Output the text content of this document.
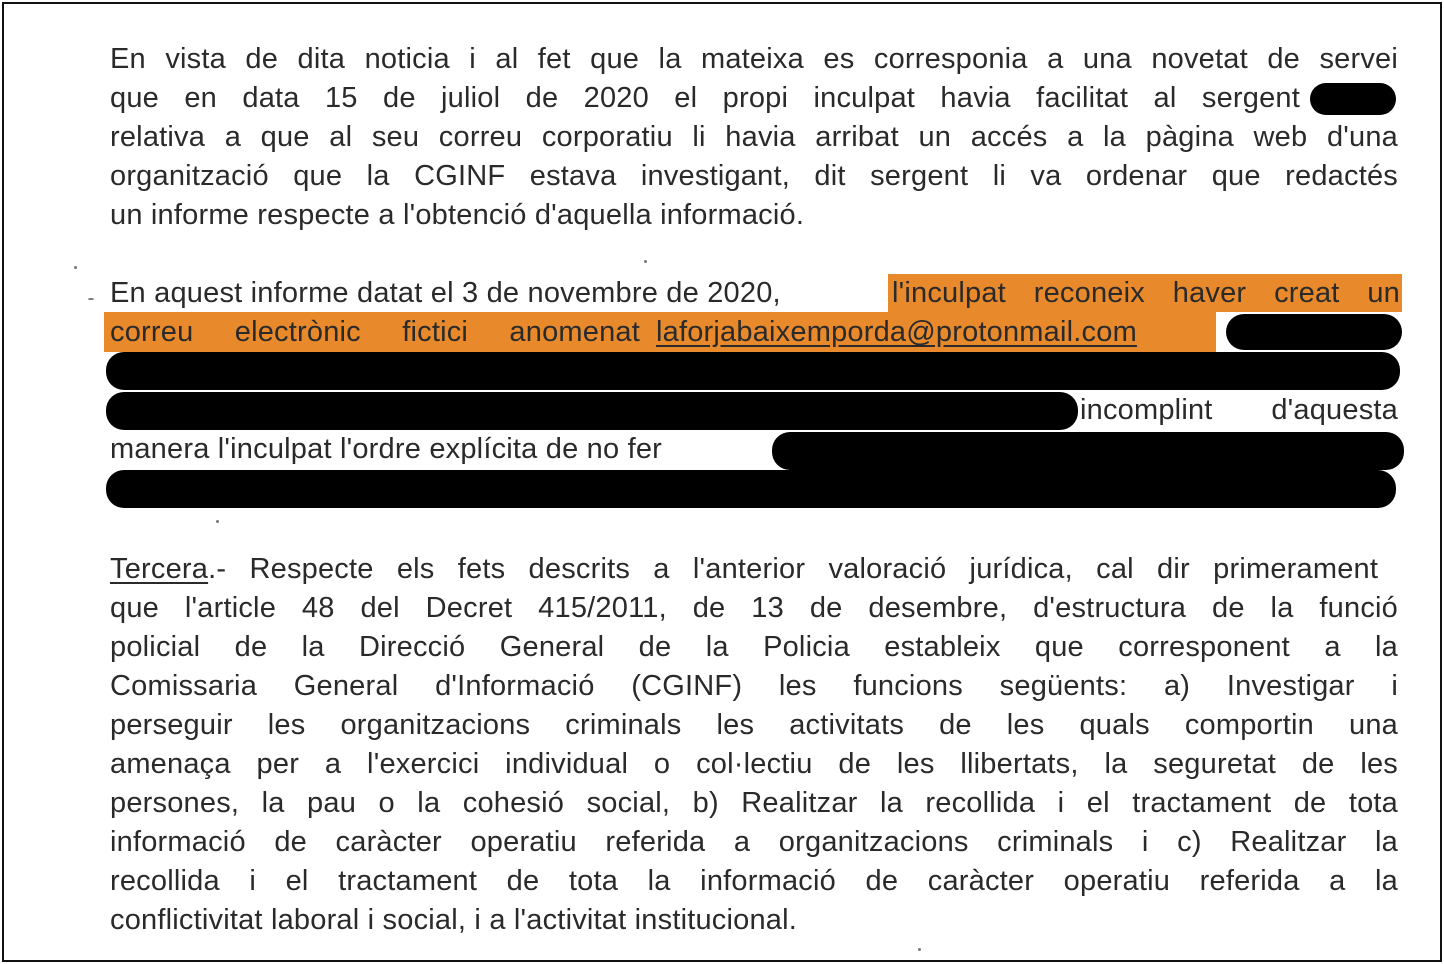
En vista de dita noticia i al fet que la mateixa es corresponia a una novetat de servei
que en data 15 de juliol de 2020 el propi inculpat havia facilitat al sergent
relativa a que al seu correu corporatiu li havia arribat un accés a la pàgina web d'una
organització que la CGINF estava investigant, dit sergent li va ordenar que redactés
un informe respecte a l'obtenció d'aquella informació.
En aquest informe datat el 3 de novembre de 2020,	l'inculpat reconeix haver creat un
correu electrònic fictici anomenat laforjabaixemporda@protonmail.com
incomplint d'aquesta
manera l'inculpat l'ordre explícita de no fer
Tercera.- Respecte els fets descrits a l'anterior valoració jurídica, cal dir primerament
que l'article 48 del Decret 415/2011, de 13 de desembre, d'estructura de la funció
policial de la Direcció General de la Policia estableix que corresponent a la
Comissaria General d'Informació (CGINF) les funcions següents: a) Investigar i
perseguir les organitzacions criminals les activitats de les quals comportin una
amenaça per a l'exercici individual o col·lectiu de les llibertats, la seguretat de les
persones, la pau o la cohesió social, b) Realitzar la recollida i el tractament de tota
informació de caràcter operatiu referida a organitzacions criminals i c) Realitzar la
recollida i el tractament de tota la informació de caràcter operatiu referida a la
conflictivitat laboral i social, i a l'activitat institucional.
